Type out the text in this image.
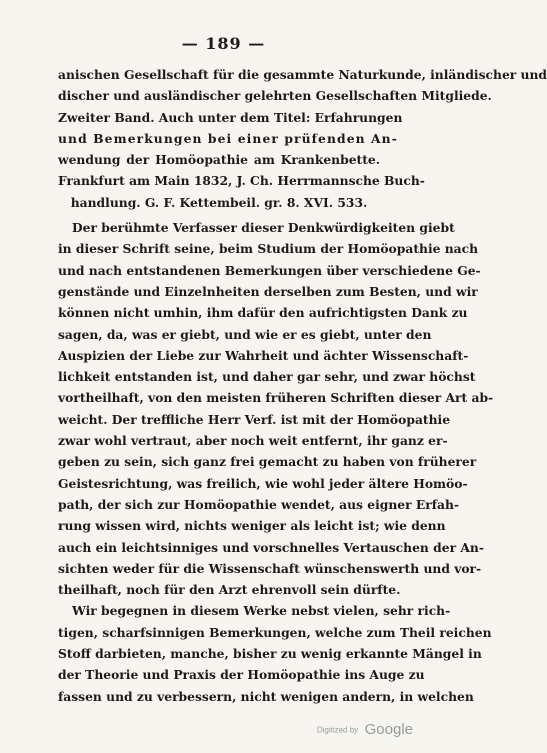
— 189 —
anischen Gesellschaft für die gesammte Naturkunde, inländischer und
discher und ausländischer gelehrten Gesellschaften Mitgliede.
Zweiter Band. Auch unter dem Titel: Erfahrungen
und Bemerkungen bei einer prüfenden An-
wendung der Homöopathie am Krankenbette.
Frankfurt am Main 1832, J. Ch. Herrmannsche Buch-
handlung. G. F. Kettembeil. gr. 8. XVI. 533.
Der berühmte Verfasser dieser Denkwürdigkeiten giebt
in dieser Schrift seine, beim Studium der Homöopathie nach
und nach entstandenen Bemerkungen über verschiedene Ge-
genstände und Einzelnheiten derselben zum Besten, und wir
können nicht umhin, ihm dafür den aufrichtigsten Dank zu
sagen, da, was er giebt, und wie er es giebt, unter den
Auspizien der Liebe zur Wahrheit und ächter Wissenschaft-
lichkeit entstanden ist, und daher gar sehr, und zwar höchst
vortheilhaft, von den meisten früheren Schriften dieser Art ab-
weicht. Der treffliche Herr Verf. ist mit der Homöopathie
zwar wohl vertraut, aber noch weit entfernt, ihr ganz er-
geben zu sein, sich ganz frei gemacht zu haben von früherer
Geistesrichtung, was freilich, wie wohl jeder ältere Homöo-
path, der sich zur Homöopathie wendet, aus eigner Erfah-
rung wissen wird, nichts weniger als leicht ist; wie denn
auch ein leichtsinniges und vorschnelles Vertauschen der An-
sichten weder für die Wissenschaft wünschenswerth und vor-
theilhaft, noch für den Arzt ehrenvoll sein dürfte.
Wir begegnen in diesem Werke nebst vielen, sehr rich-
tigen, scharfsinnigen Bemerkungen, welche zum Theil reichen
Stoff darbieten, manche, bisher zu wenig erkannte Mängel in
der Theorie und Praxis der Homöopathie ins Auge zu
fassen und zu verbessern, nicht wenigen andern, in welchen
Digitized by Google
